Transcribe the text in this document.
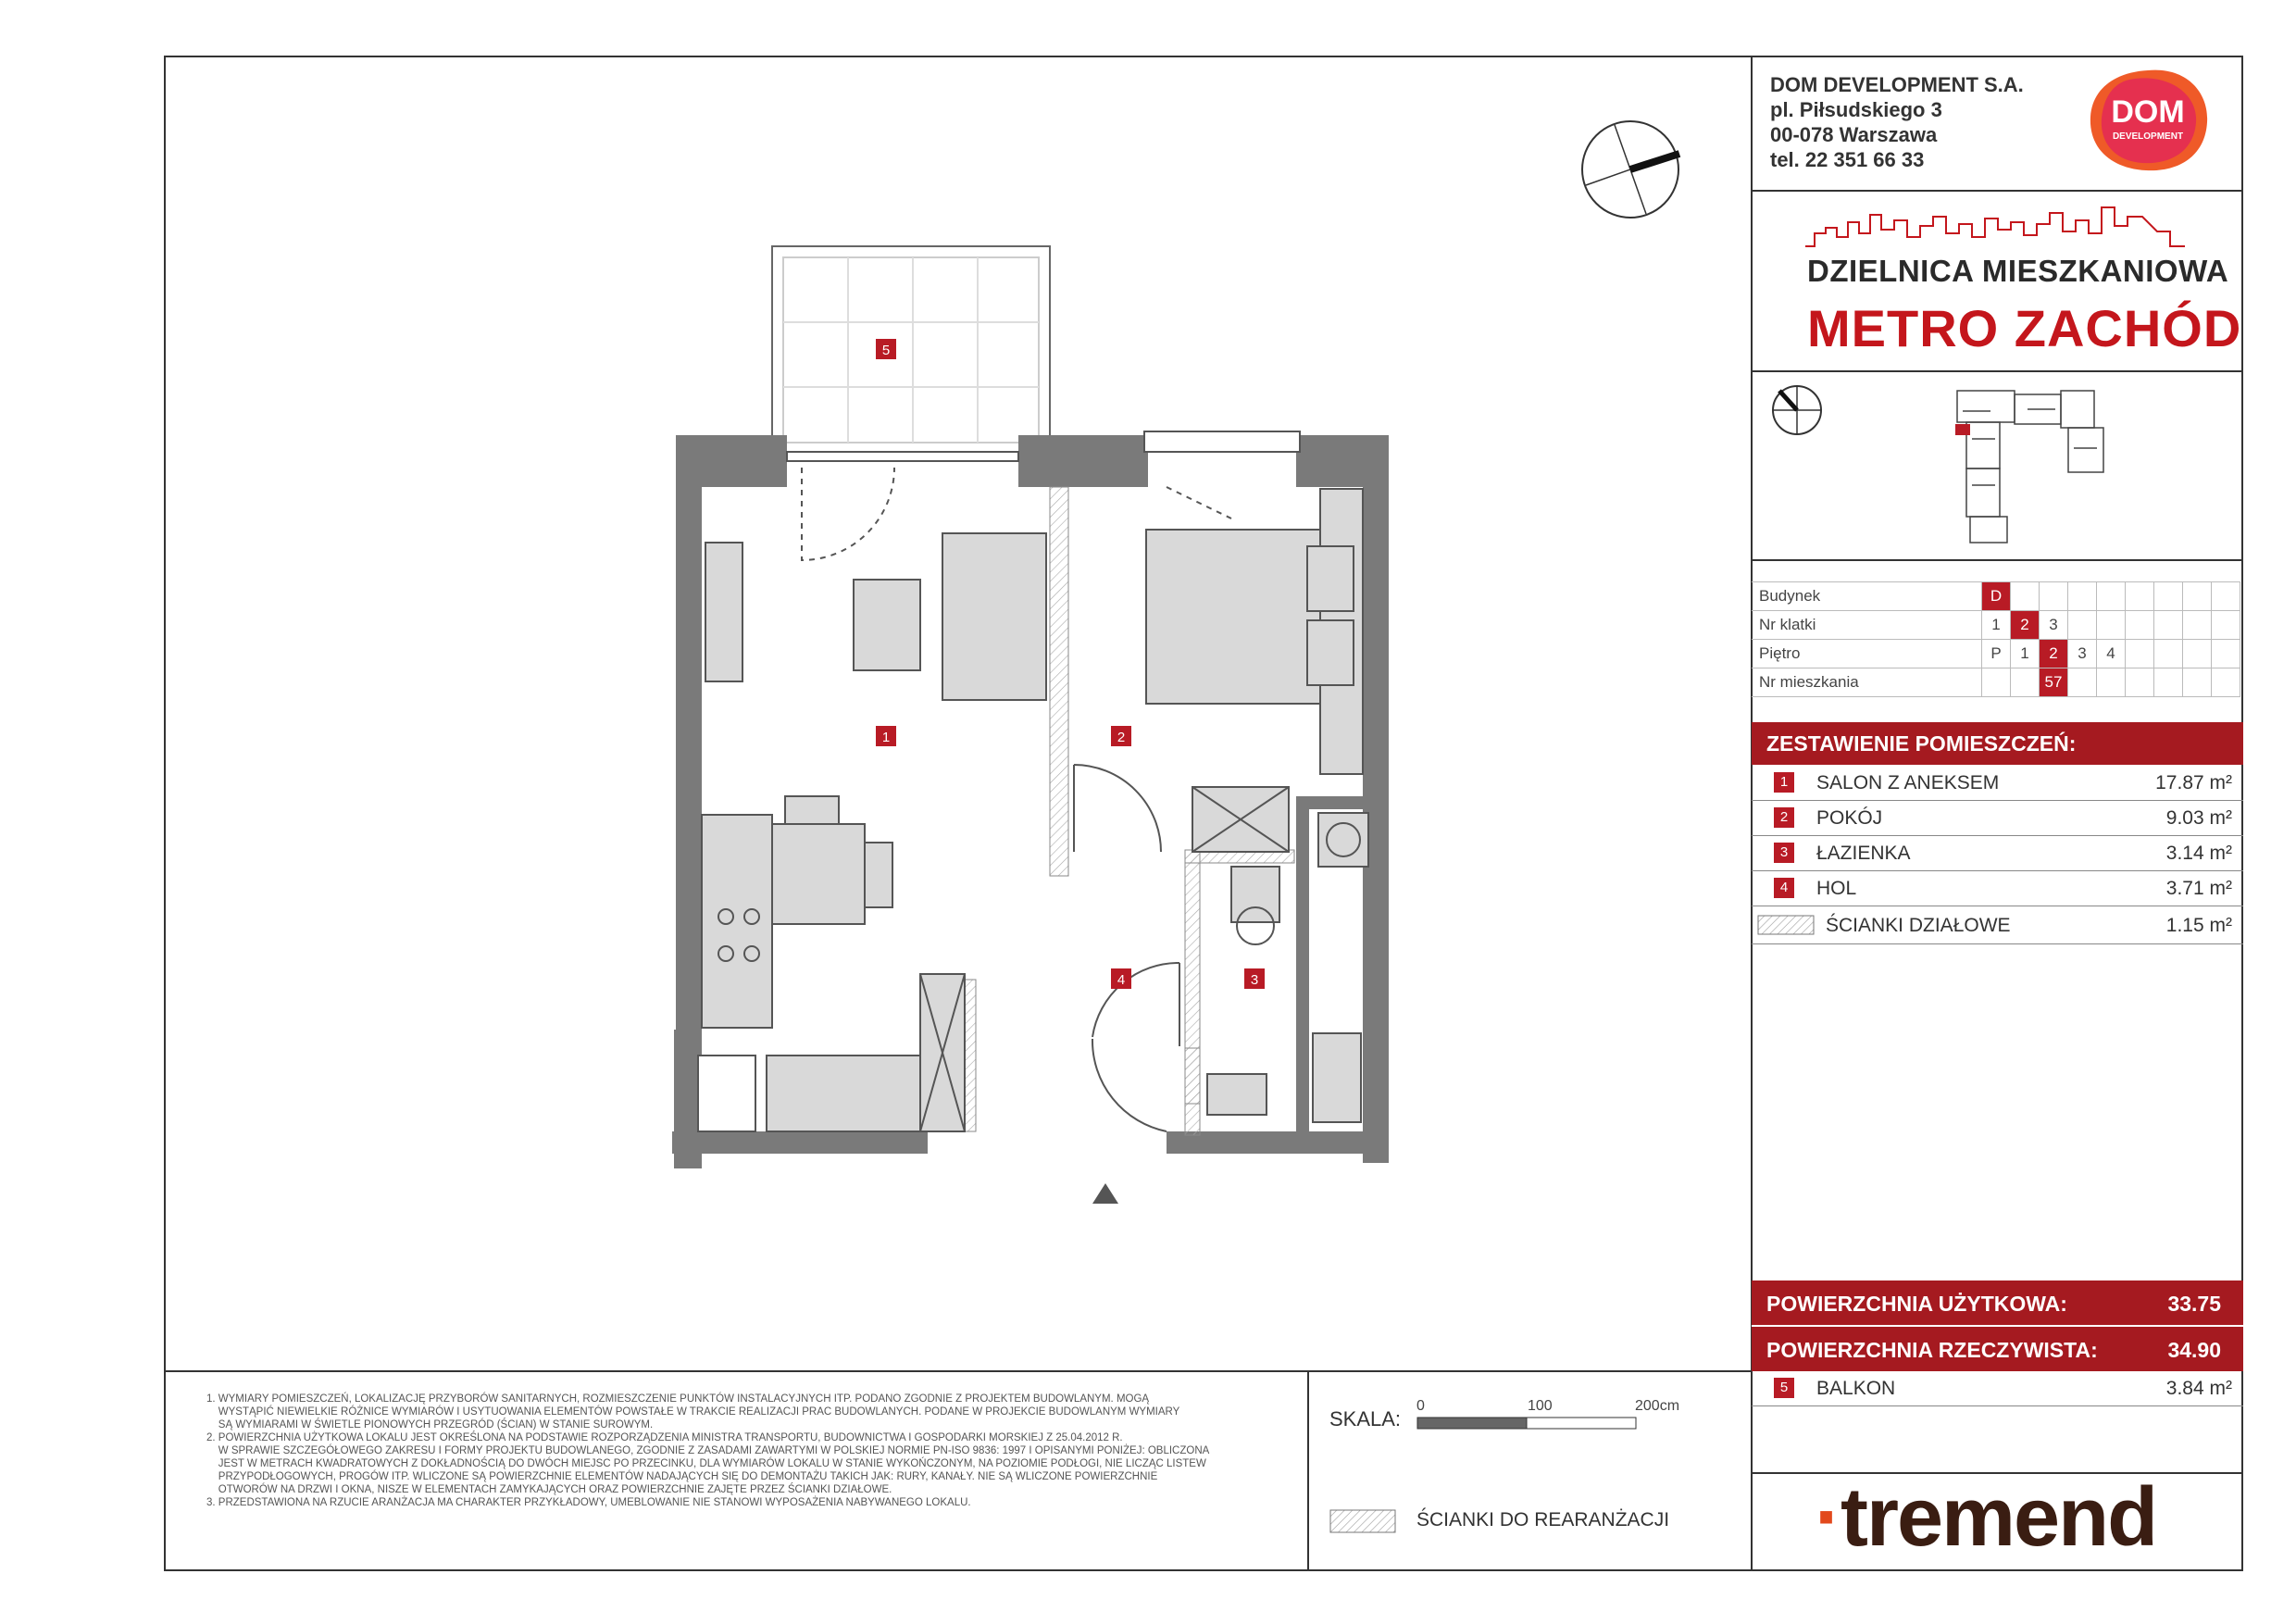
DOM DEVELOPMENT S.A.
pl. Piłsudskiego 3
00-078 Warszawa
tel. 22 351 66 33
DOM
DEVELOPMENT
DZIELNICA MIESZKANIOWA
METRO ZACHÓD
Budynek	D								
Nr klatki	1	2	3						
Piętro	P	1	2	3	4				
Nr mieszkania			57						
ZESTAWIENIE POMIESZCZEŃ:
1	SALON Z ANEKSEM	17.87 m²
2	POKÓJ	9.03 m²
3	ŁAZIENKA	3.14 m²
4	HOL	3.71 m²
ŚCIANKI DZIAŁOWE	1.15 m²
POWIERZCHNIA UŻYTKOWA:	33.75
POWIERZCHNIA RZECZYWISTA:	34.90
5	BALKON	3.84 m²
·tremend
1. WYMIARY POMIESZCZEŃ, LOKALIZACJĘ PRZYBORÓW SANITARNYCH, ROZMIESZCZENIE PUNKTÓW INSTALACYJNYCH ITP. PODANO ZGODNIE Z PROJEKTEM BUDOWLANYM. MOGĄ
WYSTĄPIĆ NIEWIELKIE RÓŻNICE WYMIARÓW I USYTUOWANIA ELEMENTÓW POWSTAŁE W TRAKCIE REALIZACJI PRAC BUDOWLANYCH. PODANE W PROJEKCIE BUDOWLANYM WYMIARY
SĄ WYMIARAMI W ŚWIETLE PIONOWYCH PRZEGRÓD (ŚCIAN) W STANIE SUROWYM.
2. POWIERZCHNIA UŻYTKOWA LOKALU JEST OKREŚLONA NA PODSTAWIE ROZPORZĄDZENIA MINISTRA TRANSPORTU, BUDOWNICTWA I GOSPODARKI MORSKIEJ Z 25.04.2012 R.
W SPRAWIE SZCZEGÓŁOWEGO ZAKRESU I FORMY PROJEKTU BUDOWLANEGO, ZGODNIE Z ZASADAMI ZAWARTYMI W POLSKIEJ NORMIE PN-ISO 9836: 1997 I OPISANYMI PONIŻEJ: OBLICZONA
JEST W METRACH KWADRATOWYCH Z DOKŁADNOŚCIĄ DO DWÓCH MIEJSC PO PRZECINKU, DLA WYMIARÓW LOKALU W STANIE WYKOŃCZONYM, NA POZIOMIE PODŁOGI, NIE LICZĄC LISTEW
PRZYPODŁOGOWYCH, PROGÓW ITP. WLICZONE SĄ POWIERZCHNIE ELEMENTÓW NADAJĄCYCH SIĘ DO DEMONTAŻU TAKICH JAK: RURY, KANAŁY. NIE SĄ WLICZONE POWIERZCHNIE
OTWORÓW NA DRZWI I OKNA, NISZE W ELEMENTACH ZAMYKAJĄCYCH ORAZ POWIERZCHNIE ZAJĘTE PRZEZ ŚCIANKI DZIAŁOWE.
3. PRZEDSTAWIONA NA RZUCIE ARANŻACJA MA CHARAKTER PRZYKŁADOWY, UMEBLOWANIE NIE STANOWI WYPOSAŻENIA NABYWANEGO LOKALU.
SKALA:
0	100	200cm
ŚCIANKI DO REARANŻACJI
5
1	2
4	3
